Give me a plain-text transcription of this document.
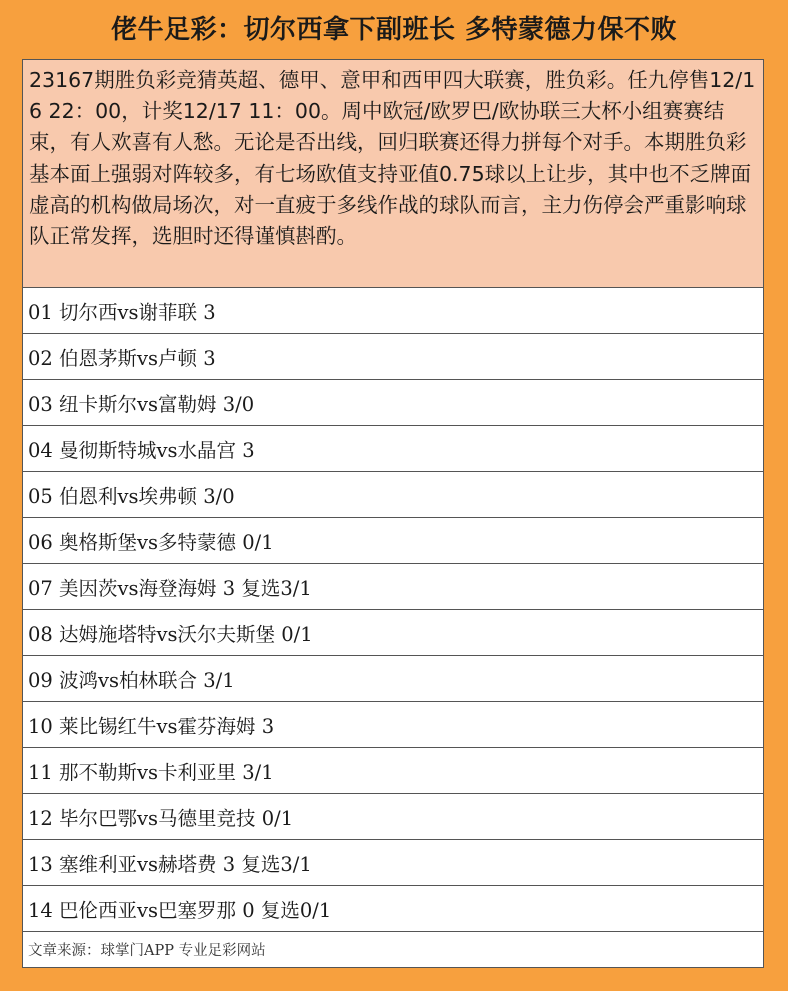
佬牛足彩：切尔西拿下副班长 多特蒙德力保不败
23167期胜负彩竞猜英超、德甲、意甲和西甲四大联赛，胜负彩。任九停售12/16 22：00，计奖12/17 11：00。周中欧冠/欧罗巴/欧协联三大杯小组赛赛结束，有人欢喜有人愁。无论是否出线，回归联赛还得力拼每个对手。本期胜负彩基本面上强弱对阵较多，有七场欧值支持亚值0.75球以上让步，其中也不乏牌面虚高的机构做局场次，对一直疲于多线作战的球队而言，主力伤停会严重影响球队正常发挥，选胆时还得谨慎斟酌。
01 切尔西vs谢菲联 3
02 伯恩茅斯vs卢顿 3
03 纽卡斯尔vs富勒姆 3/0
04 曼彻斯特城vs水晶宫 3
05 伯恩利vs埃弗顿 3/0
06 奥格斯堡vs多特蒙德 0/1
07 美因茨vs海登海姆 3 复选3/1
08 达姆施塔特vs沃尔夫斯堡 0/1
09 波鸿vs柏林联合 3/1
10 莱比锡红牛vs霍芬海姆 3
11 那不勒斯vs卡利亚里 3/1
12 毕尔巴鄂vs马德里竞技 0/1
13 塞维利亚vs赫塔费 3 复选3/1
14 巴伦西亚vs巴塞罗那 0 复选0/1
文章来源：球掌门APP 专业足彩网站
